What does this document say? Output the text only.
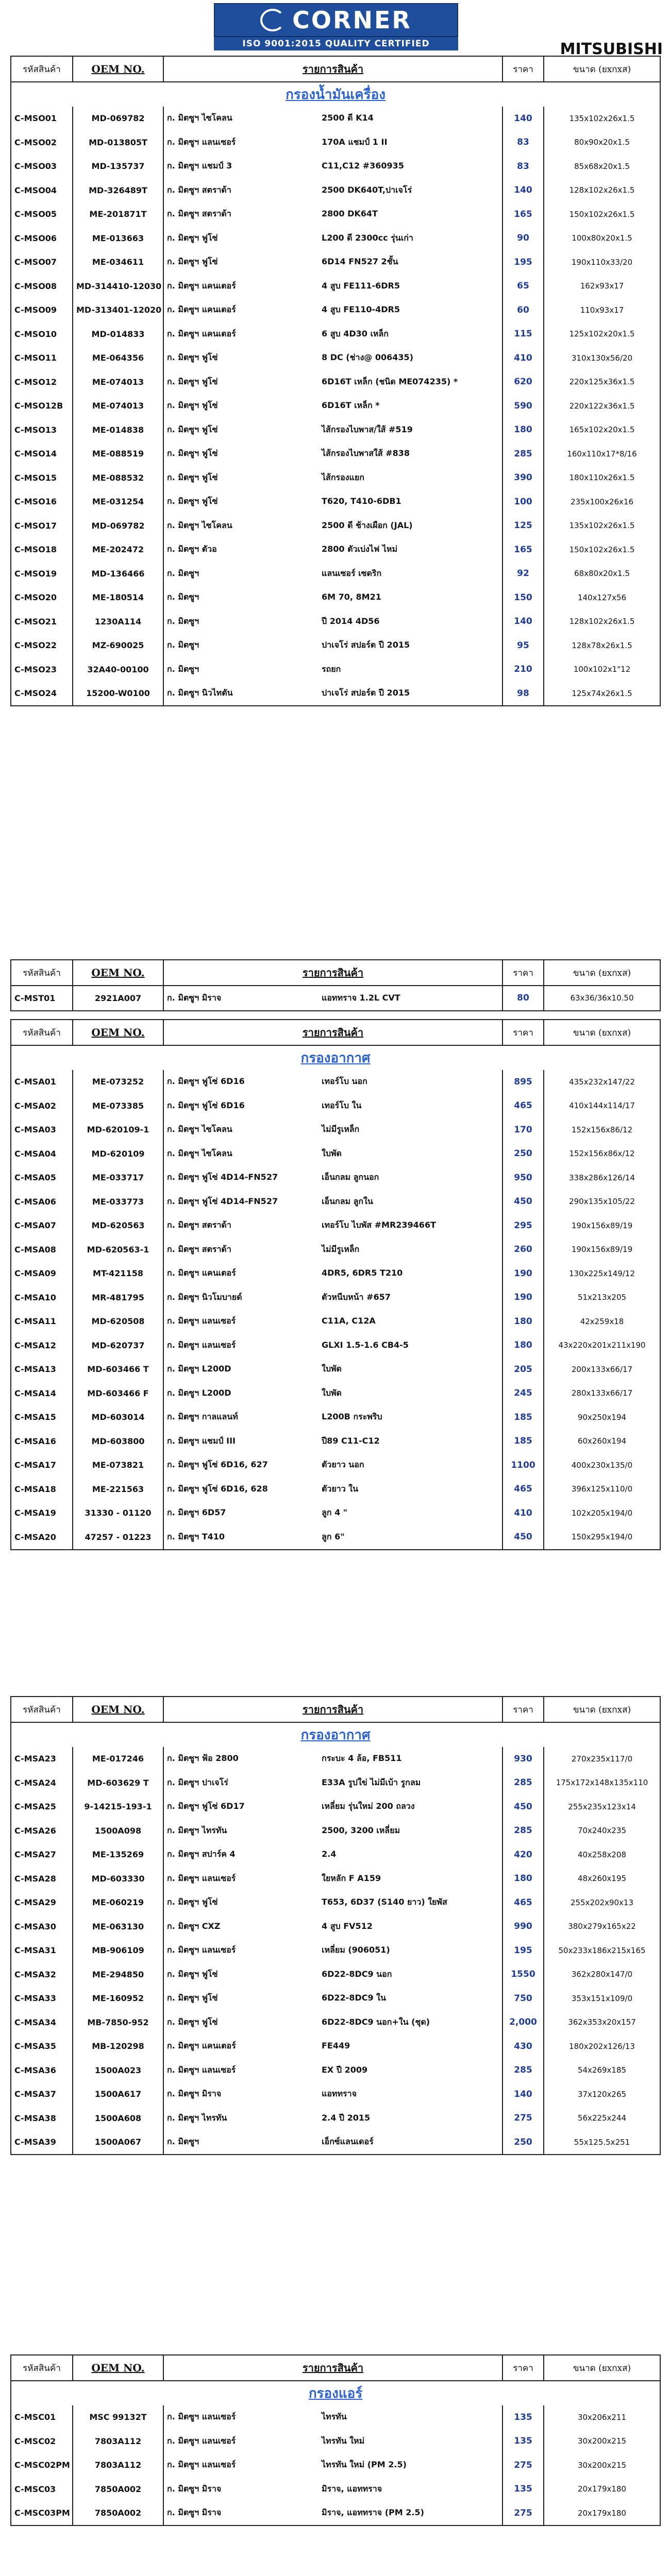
CORNER
ISO 9001:2015 QUALITY CERTIFIED	MITSUBISHI
รหัสสินค้า	OEM NO.	รายการสินค้า	ราคา	ขนาด (ยxกxส)
กรองน้ำมันเครื่อง				
C-MSO01	MD-069782	ก. มิตซูฯ ไซโคลน 2500 ดี K14	140	135x102x26x1.5
C-MSO02	MD-013805T	ก. มิตซูฯ แลนเซอร์ 170A แชมป์ 1 II	83	80x90x20x1.5
C-MSO03	MD-135737	ก. มิตซูฯ แชมป์ 3 C11,C12 #360935	83	85x68x20x1.5
C-MSO04	MD-326489T	ก. มิตซูฯ สตราด้า 2500 DK640T,ปาเจโร่	140	128x102x26x1.5
C-MSO05	ME-201871T	ก. มิตซูฯ สตราด้า 2800 DK64T	165	150x102x26x1.5
C-MSO06	ME-013663	ก. มิตซูฯ ฟูโซ่ L200 ดี 2300cc รุ่นเก่า	90	100x80x20x1.5
C-MSO07	ME-034611	ก. มิตซูฯ ฟูโซ่ 6D14 FN527 2ชั้น	195	190x110x33/20
C-MSO08	MD-314410-12030	ก. มิตซูฯ แคนเตอร์ 4 สูบ FE111-6DR5	65	162x93x17
C-MSO09	MD-313401-12020	ก. มิตซูฯ แคนเตอร์ 4 สูบ FE110-4DR5	60	110x93x17
C-MSO10	MD-014833	ก. มิตซูฯ แคนเตอร์ 6 สูบ 4D30 เหล็ก	115	125x102x20x1.5
C-MSO11	ME-064356	ก. มิตซูฯ ฟูโซ่ 8 DC (ช่าง@ 006435)	410	310x130x56/20
C-MSO12	ME-074013	ก. มิตซูฯ ฟูโซ่ 6D16T เหล็ก (ชนิด ME074235) *	620	220x125x36x1.5
C-MSO12B	ME-074013	ก. มิตซูฯ ฟูโซ่ 6D16T เหล็ก *	590	220x122x36x1.5
C-MSO13	ME-014838	ก. มิตซูฯ ฟูโซ่ ไส้กรองไบพาส/ใส้ #519	180	165x102x20x1.5
C-MSO14	ME-088519	ก. มิตซูฯ ฟูโซ่ ไส้กรองไบพาสใส้ #838	285	160x110x17*8/16
C-MSO15	ME-088532	ก. มิตซูฯ ฟูโซ่ ไส้กรองแยก	390	180x110x26x1.5
C-MSO16	ME-031254	ก. มิตซูฯ ฟูโซ่ T620, T410-6DB1	100	235x100x26x16
C-MSO17	MD-069782	ก. มิตซูฯ ไซโคลน 2500 ดี ช้างเผือก (JAL)	125	135x102x26x1.5
C-MSO18	ME-202472	ก. มิตซูฯ ตัวอ 2800 ตัวเบ่งไฟ ไหม่	165	150x102x26x1.5
C-MSO19	MD-136466	ก. มิตซูฯ แลนเซอร์ เซดริก	92	68x80x20x1.5
C-MSO20	ME-180514	ก. มิตซูฯ 6M 70, 8M21	150	140x127x56
C-MSO21	1230A114	ก. มิตซูฯ ปี 2014 4D56	140	128x102x26x1.5
C-MSO22	MZ-690025	ก. มิตซูฯ ปาเจโร่ สปอร์ต ปี 2015	95	128x78x26x1.5
C-MSO23	32A40-00100	ก. มิตซูฯ รถยก	210	100x102x1"12
C-MSO24	15200-W0100	ก. มิตซูฯ นิวไทตัน ปาเจโร่ สปอร์ต ปี 2015	98	125x74x26x1.5
รหัสสินค้า	OEM NO.	รายการสินค้า	ราคา	ขนาด (ยxกxส)
C-MST01	2921A007	ก. มิตซูฯ มิราจ แอททราจ 1.2L CVT	80	63x36/36x10.50
รหัสสินค้า	OEM NO.	รายการสินค้า	ราคา	ขนาด (ยxกxส)
กรองอากาศ				
C-MSA01	ME-073252	ก. มิตซูฯ ฟูโซ่ 6D16 เทอร์โบ นอก	895	435x232x147/22
C-MSA02	ME-073385	ก. มิตซูฯ ฟูโซ่ 6D16 เทอร์โบ ใน	465	410x144x114/17
C-MSA03	MD-620109-1	ก. มิตซูฯ ไซโคลน ไม่มีรูเหล็ก	170	152x156x86/12
C-MSA04	MD-620109	ก. มิตซูฯ ไซโคลน ใบพัด	250	152x156x86x/12
C-MSA05	ME-033717	ก. มิตซูฯ ฟูโซ่ 4D14-FN527 เอ็นกลม ลูกนอก	950	338x286x126/14
C-MSA06	ME-033773	ก. มิตซูฯ ฟูโซ่ 4D14-FN527 เอ็นกลม ลูกใน	450	290x135x105/22
C-MSA07	MD-620563	ก. มิตซูฯ สตราด้า เทอร์โบ ไบพัส #MR239466T	295	190x156x89/19
C-MSA08	MD-620563-1	ก. มิตซูฯ สตราด้า ไม่มีรูเหล็ก	260	190x156x89/19
C-MSA09	MT-421158	ก. มิตซูฯ แคนเตอร์ 4DR5, 6DR5 T210	190	130x225x149/12
C-MSA10	MR-481795	ก. มิตซูฯ นิวโมบายด์ ตัวหนีบหน้า #657	190	51x213x205
C-MSA11	MD-620508	ก. มิตซูฯ แลนเซอร์ C11A, C12A	180	42x259x18
C-MSA12	MD-620737	ก. มิตซูฯ แลนเซอร์ GLXI 1.5-1.6 CB4-5	180	43x220x201x211x190
C-MSA13	MD-603466 T	ก. มิตซูฯ L200D ใบพัด	205	200x133x66/17
C-MSA14	MD-603466 F	ก. มิตซูฯ L200D ใบพัด	245	280x133x66/17
C-MSA15	MD-603014	ก. มิตซูฯ กาลแลนท์ L200B กระพริบ	185	90x250x194
C-MSA16	MD-603800	ก. มิตซูฯ แชมป์ III ปี89 C11-C12	185	60x260x194
C-MSA17	ME-073821	ก. มิตซูฯ ฟูโซ่ 6D16, 627 ตัวยาว นอก	1100	400x230x135/0
C-MSA18	ME-221563	ก. มิตซูฯ ฟูโซ่ 6D16, 628 ตัวยาว ใน	465	396x125x110/0
C-MSA19	31330 - 01120	ก. มิตซูฯ 6D57 ลูก 4 "	410	102x205x194/0
C-MSA20	47257 - 01223	ก. มิตซูฯ T410 ลูก 6"	450	150x295x194/0
รหัสสินค้า	OEM NO.	รายการสินค้า	ราคา	ขนาด (ยxกxส)
กรองอากาศ				
C-MSA23	ME-017246	ก. มิตซูฯ ฟ้อ 2800 กระบะ 4 ล้อ, FB511	930	270x235x117/0
C-MSA24	MD-603629 T	ก. มิตซูฯ ปาเจโร่ E33A รูปใข่ ไม่มีเบ้า รูกลม	285	175x172x148x135x110
C-MSA25	9-14215-193-1	ก. มิตซูฯ ฟูโซ่ 6D17 เหลี่ยม รุ่นใหม่ 200 ถลวง	450	255x235x123x14
C-MSA26	1500A098	ก. มิตซูฯ ไทรทัน 2500, 3200 เหลี่ยม	285	70x240x235
C-MSA27	ME-135269	ก. มิตซูฯ สปาร์ค 4 2.4	420	40x258x208
C-MSA28	MD-603330	ก. มิตซูฯ แลนเซอร์ ใยหลัก F A159	180	48x260x195
C-MSA29	ME-060219	ก. มิตซูฯ ฟูโซ่ T653, 6D37 (S140 ยาว) ใยพัส	465	255x202x90x13
C-MSA30	ME-063130	ก. มิตซูฯ CXZ 4 สูบ FV512	990	380x279x165x22
C-MSA31	MB-906109	ก. มิตซูฯ แลนเซอร์ เหลี่ยม (906051)	195	50x233x186x215x165
C-MSA32	ME-294850	ก. มิตซูฯ ฟูโซ่ 6D22-8DC9 นอก	1550	362x280x147/0
C-MSA33	ME-160952	ก. มิตซูฯ ฟูโซ่ 6D22-8DC9 ใน	750	353x151x109/0
C-MSA34	MB-7850-952	ก. มิตซูฯ ฟูโซ่ 6D22-8DC9 นอก+ใน (ชุด)	2,000	362x353x20x157
C-MSA35	MB-120298	ก. มิตซูฯ แคนเตอร์ FE449	430	180x202x126/13
C-MSA36	1500A023	ก. มิตซูฯ แลนเซอร์ EX ปี 2009	285	54x269x185
C-MSA37	1500A617	ก. มิตซูฯ มิราจ แอททราจ	140	37x120x265
C-MSA38	1500A608	ก. มิตซูฯ ไทรทัน 2.4 ปี 2015	275	56x225x244
C-MSA39	1500A067	ก. มิตซูฯ เอ็กซ์แลนเดอร์	250	55x125.5x251
รหัสสินค้า	OEM NO.	รายการสินค้า	ราคา	ขนาด (ยxกxส)
กรองแอร์				
C-MSC01	MSC 99132T	ก. มิตซูฯ แลนเซอร์ ไทรทัน	135	30x206x211
C-MSC02	7803A112	ก. มิตซูฯ แลนเซอร์ ไทรทัน ใหม่	135	30x200x215
C-MSC02PM	7803A112	ก. มิตซูฯ แลนเซอร์ ไทรทัน ใหม่ (PM 2.5)	275	30x200x215
C-MSC03	7850A002	ก. มิตซูฯ มิราจ มิราจ, แอททราจ	135	20x179x180
C-MSC03PM	7850A002	ก. มิตซูฯ มิราจ มิราจ, แอททราจ (PM 2.5)	275	20x179x180
